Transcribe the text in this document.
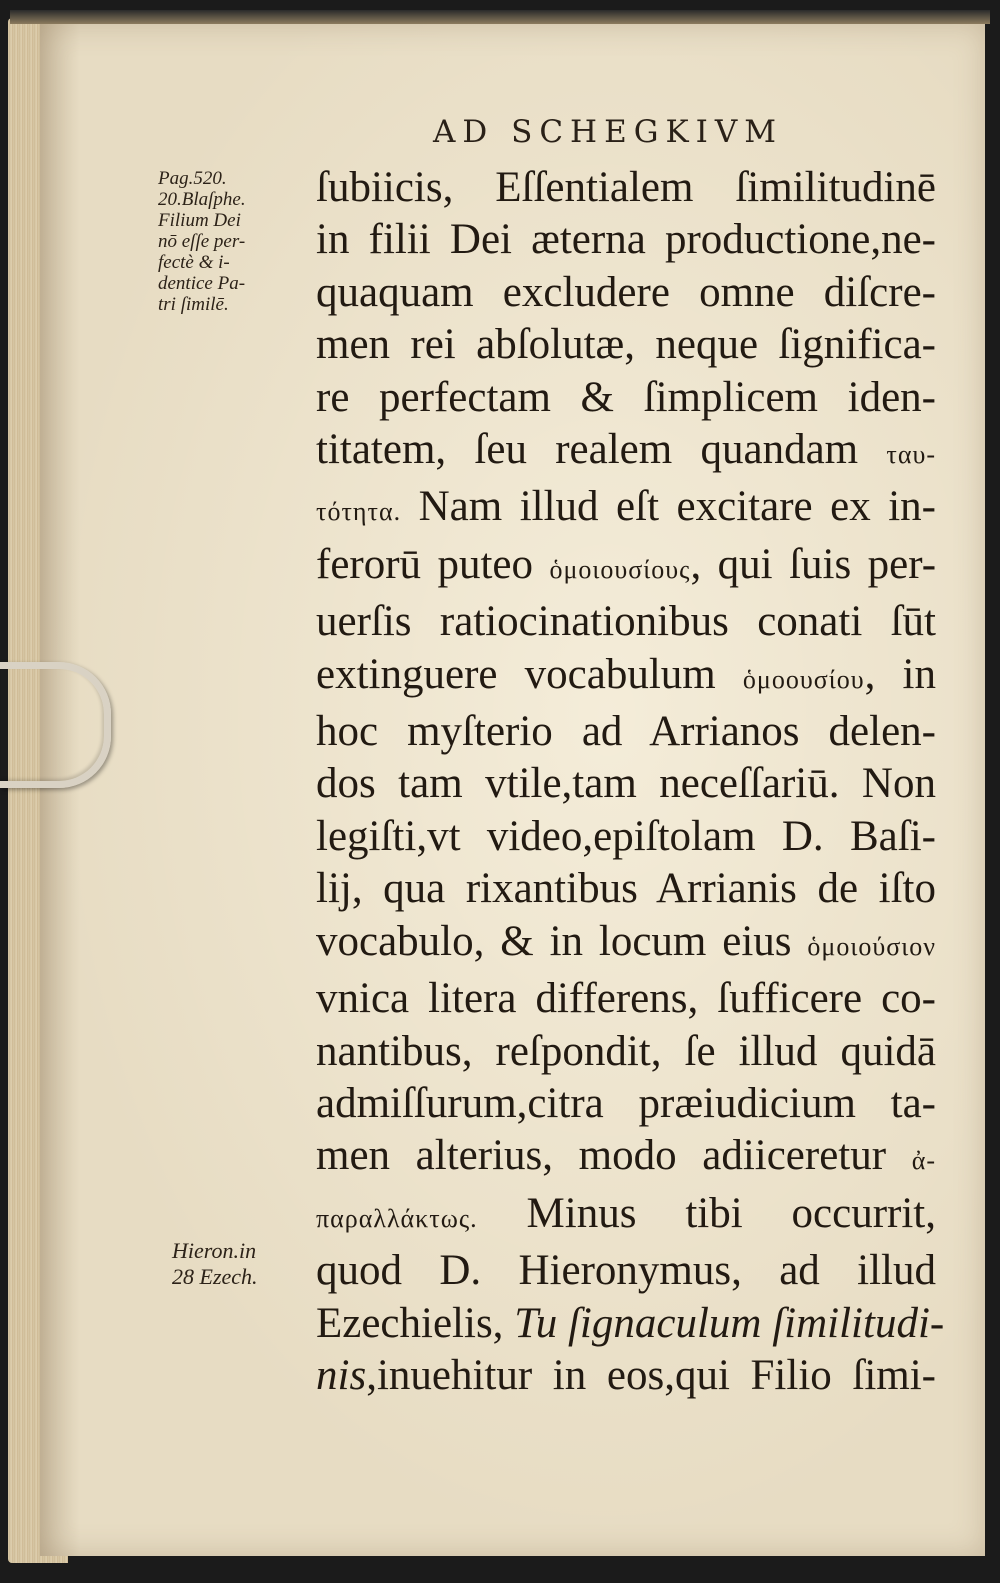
AD SCHEGKIVM
Pag.520.
20.Blaſphe.
Filium Dei
nō eſſe per-
fectè & i-
dentice Pa-
tri ſimilē.
Hieron.in
28 Ezech.
ſubiicis, Eſſentialem ſimilitudinē
in filii Dei æterna productione,ne-
quaquam excludere omne diſcre-
men rei abſolutæ, neque ſignifica-
re perfectam & ſimplicem iden-
titatem, ſeu realem quandam ταυ-
τότητα. Nam illud eſt excitare ex in-
ferorū puteo ὁμοιουσίους, qui ſuis per-
uerſis ratiocinationibus conati ſūt
extinguere vocabulum ὁμοουσίου, in
hoc myſterio ad Arrianos delen-
dos tam vtile,tam neceſſariū. Non
legiſti,vt video,epiſtolam D. Baſi-
lij, qua rixantibus Arrianis de iſto
vocabulo, & in locum eius ὁμοιούσιον
vnica litera differens, ſufficere co-
nantibus, reſpondit, ſe illud quidā
admiſſurum,citra præiudicium ta-
men alterius, modo adiiceretur ἀ-
παραλλάκτως. Minus tibi occurrit,
quod D. Hieronymus, ad illud
Ezechielis, Tu ſignaculum ſimilitudi-
nis,inuehitur in eos,qui Filio ſimi-
